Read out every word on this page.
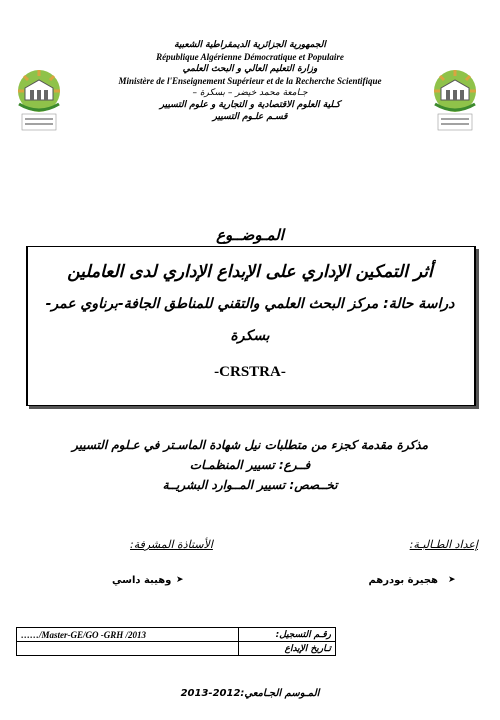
الجمهورية الجزائرية الديمقراطية الشعبية
République Algérienne Démocratique et Populaire
وزارة التعليم العالي و البحث العلمي
Ministère de l'Enseignement Supérieur et de la Recherche Scientifique
جـامعة محمد خيضر – بسكرة –
كـلية العلوم الاقتصادية و التجارية و علوم التسيير
قسـم علـوم التسيير
المـوضــوع
أثر التمكين الإداري على الإبداع الإداري لدى العاملين
دراسة حالة: مركز البحث العلمي والتقني للمناطق الجافة-برناوي عمر-
بسكرة
-CRSTRA-
مذكرة مقدمة كجزء من متطلبات نيل شهادة الماسـتر في عـلوم التسيير
فــرع: تسيير المنظمـات
تخــصص: تسيير المــوارد البشريــة
إعداد الطـالبـة:
الأستاذة المشرفة:
هجيرة بودرهم ➤
وهيبة داسي ➤
……/Master-GE/GO -GRH /2013	رقـم التسجيل:
	تـاريخ الإيداع
المـوسم الجـامعي:2012-2013
